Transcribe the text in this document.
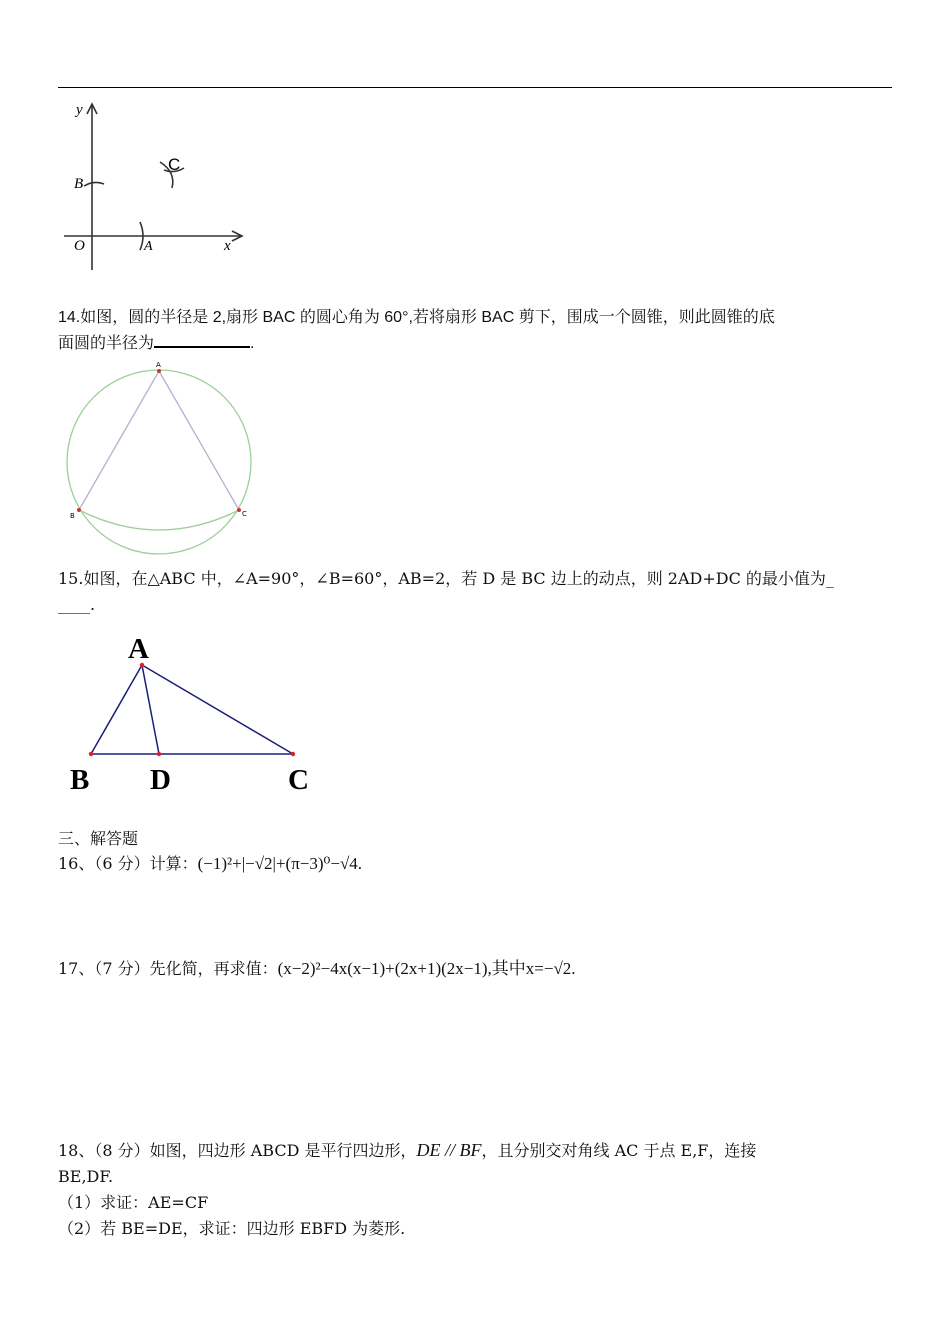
y
B
C
O	A	x
14.如图，圆的半径是 2,扇形 BAC 的圆心角为 60°,若将扇形 BAC 剪下，围成一个圆锥，则此圆锥的底
面圆的半径为	.
A
B	C
15.如图，在△ABC 中，∠A=90°，∠B=60°，AB=2，若 D 是 BC 边上的动点，则 2AD+DC 的最小值为_
____.
A
B D	C
三、解答题
16、（6 分）计算：(−1)²+|−√2|+(π−3)⁰−√4.
17、（7 分）先化简，再求值：(x−2)²−4x(x−1)+(2x+1)(2x−1),其中x=−√2.
18、（8 分）如图，四边形 ABCD 是平行四边形，DE // BF，且分别交对角线 AC 于点 E,F，连接
BE,DF.
（1）求证：AE=CF
（2）若 BE=DE，求证：四边形 EBFD 为菱形.
